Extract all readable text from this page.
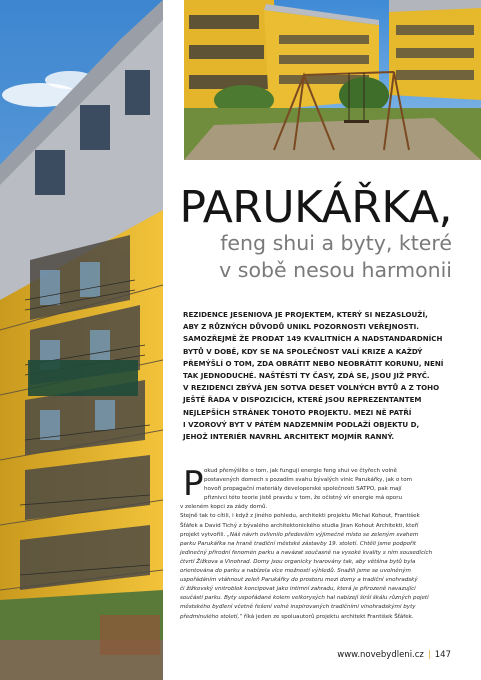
PARUKÁŘKA,
feng shui a byty, které
v sobě nesou harmonii
REZIDENCE JESENIOVA JE PROJEKTEM, KTERÝ SI NEZASLOUŽÍ,
ABY Z RŮZNÝCH DŮVODŮ UNIKL POZORNOSTI VEŘEJNOSTI.
SAMOZŘEJMĚ ŽE PRODAT 149 KVALITNÍCH A NADSTANDARDNÍCH
BYTŮ V DOBĚ, KDY SE NA SPOLEČNOST VALÍ KRIZE A KAŽDÝ
PŘEMÝŠLÍ O TOM, ZDA OBRÁTIT NEBO NEOBRÁTIT KORUNU, NENÍ
TAK JEDNODUCHÉ. NAŠTĚSTÍ TY ČASY, ZDÁ SE, JSOU JIŽ PRYČ.
V REZIDENCI ZBÝVÁ JEN SOTVA DESET VOLNÝCH BYTŮ A Z TOHO
JEŠTĚ ŘADA V DISPOZICÍCH, KTERÉ JSOU REPREZENTANTEM
NEJLEPŠÍCH STRÁNEK TOHOTO PROJEKTU. MEZI NĚ PATŘÍ
I VZOROVÝ BYT V PÁTÉM NADZEMNÍM PODLAŽÍ OBJEKTU D,
JEHOŽ INTERIÉR NAVRHL ARCHITEKT MOJMÍR RANNÝ.
P okud přemýšlíte o tom, jak funguji energie feng shui ve čtyřech volně
postavených domech s pozadím svahu bývalých vinic Parukářky, jak o tom
hovoří propagační materiály developerské společnosti SATPO, pak mají
přiznivci této teorie jistě pravdu v tom, že očistný vír energie má oporu
v zeleném kopci za zády domů.
Stejně tak to cítili, i když z jiného pohledu, architekti projektu Michal Kohout, František
Šťáfek a David Tichý z bývalého architektonického studia Jiran Kohout Architekti, kteří
projekt vytvořili. „Náš návrh ovlivnilo především výjimečné místo se zeleným svahem
parku Parukářka na hraně tradiční městské zástavby 19. století. Chtěli jsme podpořit
jedinečný přírodní fenomén parku a navázat současně na vysoké kvality s ním sousedících
čtvrtí Žižkova a Vinohrad. Domy jsou organicky tvarovány tak, aby většina bytů byla
orientována do parku a nabízela více možností výhledů. Snažili jsme se uvolněným
uspořádáním vtáhnout zeleň Parukářky do prostoru mezi domy a tradiční vnohradský
či žižkovský vnitroblok koncipovat jako intimní zahradu, která je přirozeně navazující
součástí parku. Byty uspořádané kolem velkorysých hal nabízejí širší škálu různých pojetí
městského bydlení včetně řešení volně inspirovaných tradičními vinohradskými byty
předmínulého století,“ říká jeden ze spoluautorů projektu architekt František Šťáfek.
www.novebydleni.cz | 147
